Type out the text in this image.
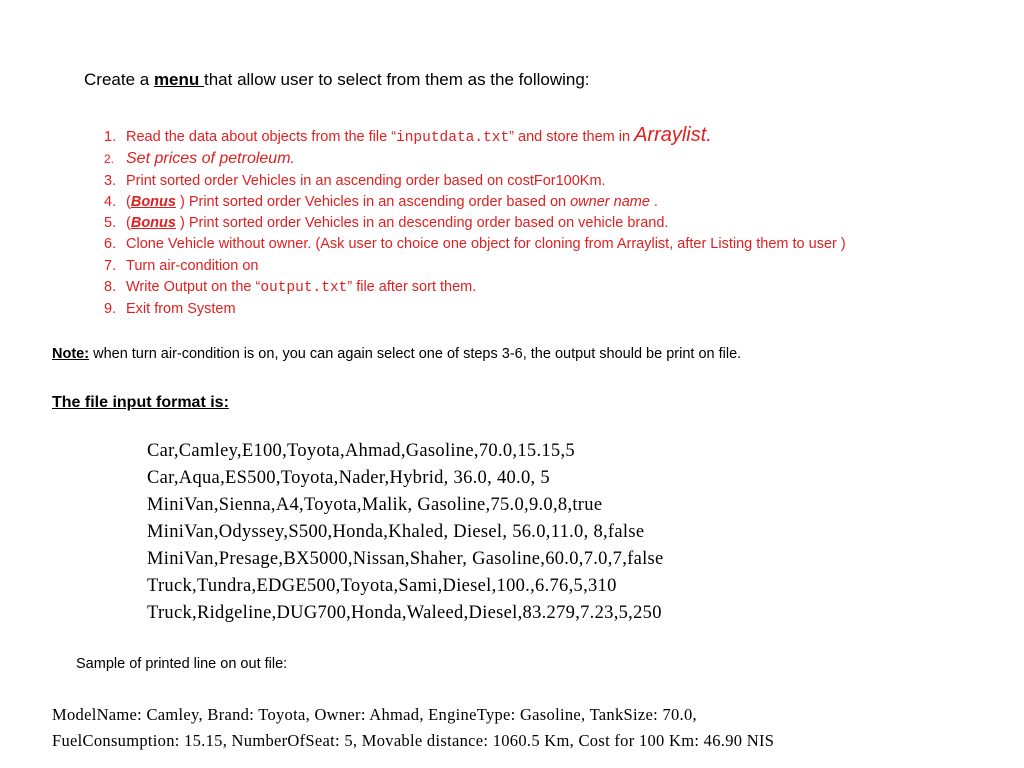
Create a menu that allow user to select from them as the following:
1. Read the data about objects from the file “inputdata.txt” and store them in Arraylist.
2. Set prices of petroleum.
3. Print sorted order Vehicles in an ascending order based on costFor100Km.
4. (Bonus ) Print sorted order Vehicles in an ascending order based on owner name .
5. (Bonus ) Print sorted order Vehicles in an descending order based on vehicle brand.
6. Clone Vehicle without owner. (Ask user to choice one object for cloning from Arraylist, after Listing them to user )
7. Turn air-condition on
8. Write Output on the “output.txt” file after sort them.
9. Exit from System
Note: when turn air-condition is on, you can again select one of steps 3-6, the output should be print on file.
The file input format is:
Car,Camley,E100,Toyota,Ahmad,Gasoline,70.0,15.15,5
Car,Aqua,ES500,Toyota,Nader,Hybrid, 36.0, 40.0, 5
MiniVan,Sienna,A4,Toyota,Malik, Gasoline,75.0,9.0,8,true
MiniVan,Odyssey,S500,Honda,Khaled, Diesel, 56.0,11.0, 8,false
MiniVan,Presage,BX5000,Nissan,Shaher, Gasoline,60.0,7.0,7,false
Truck,Tundra,EDGE500,Toyota,Sami,Diesel,100.,6.76,5,310
Truck,Ridgeline,DUG700,Honda,Waleed,Diesel,83.279,7.23,5,250
Sample of printed line on out file:
ModelName: Camley, Brand: Toyota, Owner: Ahmad, EngineType: Gasoline, TankSize: 70.0,
FuelConsumption: 15.15, NumberOfSeat: 5, Movable distance: 1060.5 Km, Cost for 100 Km: 46.90 NIS
